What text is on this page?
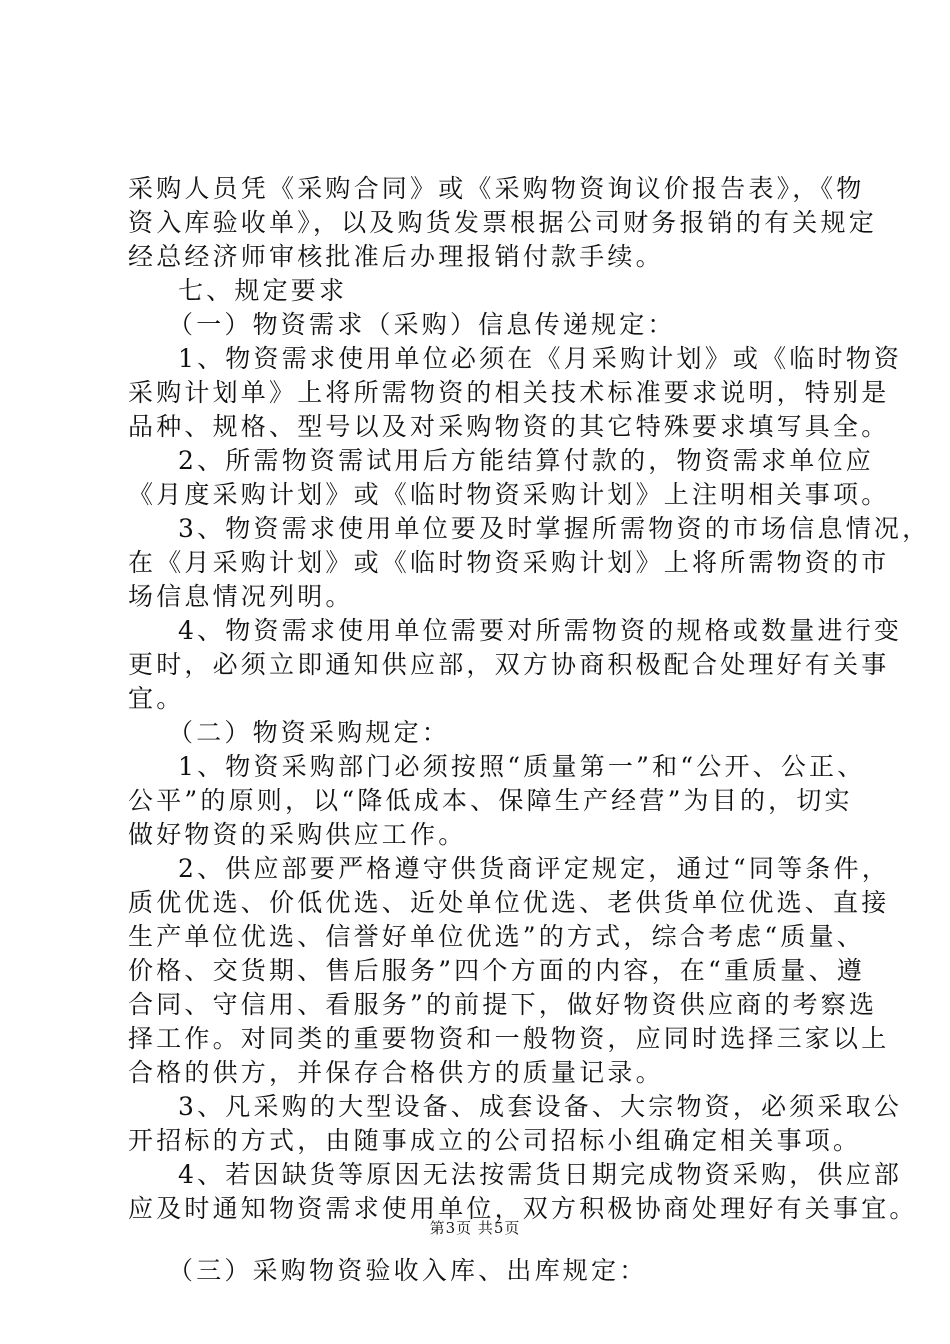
采购人员凭《采购合同》或《采购物资询议价报告表》，《物
资入库验收单》，以及购货发票根据公司财务报销的有关规定
经总经济师审核批准后办理报销付款手续。
七、规定要求
（一）物资需求（采购）信息传递规定：
1、物资需求使用单位必须在《月采购计划》或《临时物资
采购计划单》上将所需物资的相关技术标准要求说明，特别是
品种、规格、型号以及对采购物资的其它特殊要求填写具全。
2、所需物资需试用后方能结算付款的，物资需求单位应
《月度采购计划》或《临时物资采购计划》上注明相关事项。
3、物资需求使用单位要及时掌握所需物资的市场信息情况，
在《月采购计划》或《临时物资采购计划》上将所需物资的市
场信息情况列明。
4、物资需求使用单位需要对所需物资的规格或数量进行变
更时，必须立即通知供应部，双方协商积极配合处理好有关事
宜。
（二）物资采购规定：
1、物资采购部门必须按照“质量第一”和“公开、公正、
公平”的原则，以“降低成本、保障生产经营”为目的，切实
做好物资的采购供应工作。
2、供应部要严格遵守供货商评定规定，通过“同等条件，
质优优选、价低优选、近处单位优选、老供货单位优选、直接
生产单位优选、信誉好单位优选”的方式，综合考虑“质量、
价格、交货期、售后服务”四个方面的内容，在“重质量、遵
合同、守信用、看服务”的前提下，做好物资供应商的考察选
择工作。对同类的重要物资和一般物资，应同时选择三家以上
合格的供方，并保存合格供方的质量记录。
3、凡采购的大型设备、成套设备、大宗物资，必须采取公
开招标的方式，由随事成立的公司招标小组确定相关事项。
4、若因缺货等原因无法按需货日期完成物资采购，供应部
应及时通知物资需求使用单位，双方积极协商处理好有关事宜。
（三）采购物资验收入库、出库规定：
第3页 共5页
